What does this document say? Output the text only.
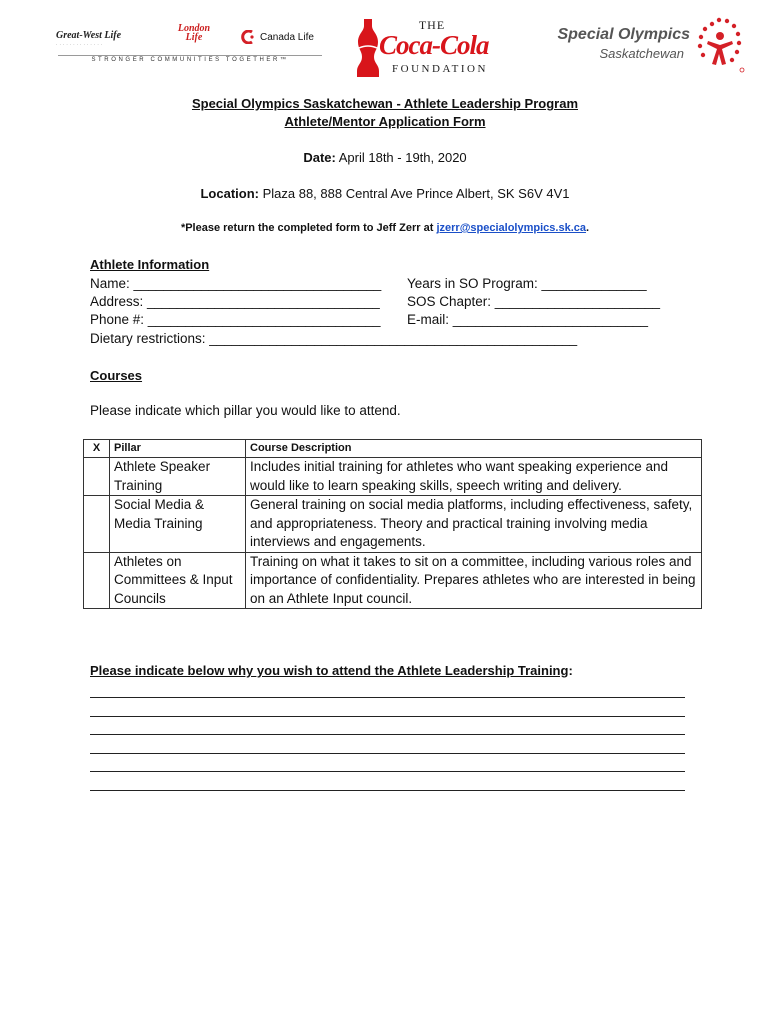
Great-West Life
· · · · · · · · · · · · · ·
London Life	Canada Life
STRONGER COMMUNITIES TOGETHER™
THE
Coca-Cola
FOUNDATION
Special Olympics
Saskatchewan
Special Olympics Saskatchewan - Athlete Leadership Program
Athlete/Mentor Application Form
Date: April 18th - 19th, 2020
Location: Plaza 88, 888 Central Ave Prince Albert, SK S6V 4V1
*Please return the completed form to Jeff Zerr at jzerr@specialolympics.sk.ca.
Athlete Information
Name: _________________________________ Years in SO Program: ______________
Address: _______________________________ SOS Chapter: ______________________
Phone #: _______________________________ E-mail: __________________________
Dietary restrictions: _________________________________________________
Courses
Please indicate which pillar you would like to attend.
X	Pillar	Course Description
	Athlete Speaker Training	Includes initial training for athletes who want speaking experience and would like to learn speaking skills, speech writing and delivery.
	Social Media & Media Training	General training on social media platforms, including effectiveness, safety, and appropriateness. Theory and practical training involving media interviews and engagements.
	Athletes on Committees & Input Councils	Training on what it takes to sit on a committee, including various roles and importance of confidentiality. Prepares athletes who are interested in being on an Athlete Input council.
Please indicate below why you wish to attend the Athlete Leadership Training:
